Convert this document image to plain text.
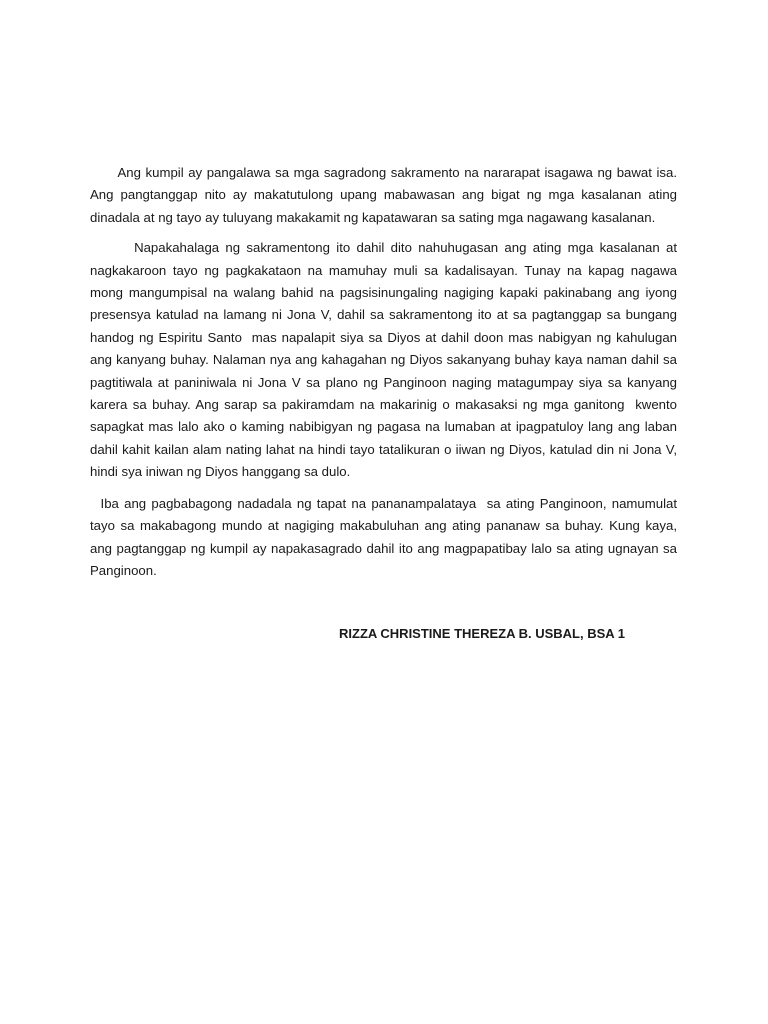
Ang kumpil ay pangalawa sa mga sagradong sakramento na nararapat isagawa ng bawat isa. Ang pangtanggap nito ay makatutulong upang mabawasan ang bigat ng mga kasalanan ating dinadala at ng tayo ay tuluyang makakamit ng kapatawaran sa sating mga nagawang kasalanan.

Napakahalaga ng sakramentong ito dahil dito nahuhugasan ang ating mga kasalanan at nagkakaroon tayo ng pagkakataon na mamuhay muli sa kadalisayan. Tunay na kapag nagawa mong mangumpisal na walang bahid na pagsisinungaling nagiging kapaki pakinabang ang iyong presensya katulad na lamang ni Jona V, dahil sa sakramentong ito at sa pagtanggap sa bungang handog ng Espiritu Santo  mas napalapit siya sa Diyos at dahil doon mas nabigyan ng kahulugan ang kanyang buhay. Nalaman nya ang kahagahan ng Diyos sakanyang buhay kaya naman dahil sa pagtitiwala at paniniwala ni Jona V sa plano ng Panginoon naging matagumpay siya sa kanyang karera sa buhay. Ang sarap sa pakiramdam na makarinig o makasaksi ng mga ganitong  kwento sapagkat mas lalo ako o kaming nabibigyan ng pagasa na lumaban at ipagpatuloy lang ang laban dahil kahit kailan alam nating lahat na hindi tayo tatalikuran o iiwan ng Diyos, katulad din ni Jona V, hindi sya iniwan ng Diyos hanggang sa dulo.

Iba ang pagbabagong nadadala ng tapat na pananampalataya  sa ating Panginoon, namumulat tayo sa makabagong mundo at nagiging makabuluhan ang ating pananaw sa buhay. Kung kaya, ang pagtanggap ng kumpil ay napakasagrado dahil ito ang magpapatibay lalo sa ating ugnayan sa Panginoon.

RIZZA CHRISTINE THEREZA B. USBAL, BSA 1
